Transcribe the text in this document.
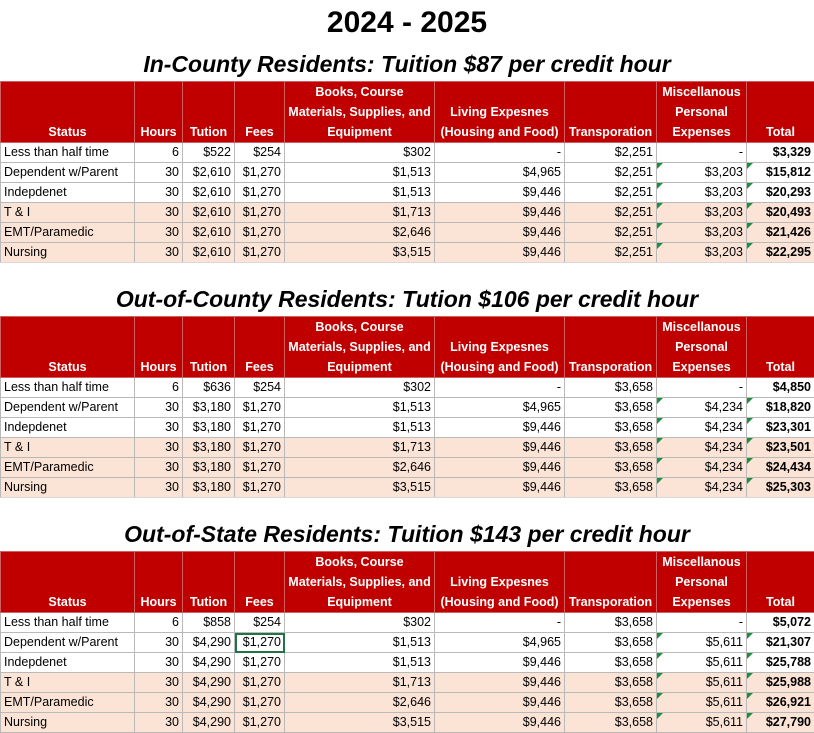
2024 - 2025
In-County Residents: Tuition $87 per credit hour
Status	Hours	Tution	Fees	Books, Course Materials, Supplies, and Equipment	Living Expesnes (Housing and Food)	Transporation	Miscellanous Personal Expenses	Total
Less than half time	6	$522	$254	$302	-	$2,251	-	$3,329
Dependent w/Parent	30	$2,610	$1,270	$1,513	$4,965	$2,251	$3,203	$15,812
Indepdenet	30	$2,610	$1,270	$1,513	$9,446	$2,251	$3,203	$20,293
T & I	30	$2,610	$1,270	$1,713	$9,446	$2,251	$3,203	$20,493
EMT/Paramedic	30	$2,610	$1,270	$2,646	$9,446	$2,251	$3,203	$21,426
Nursing	30	$2,610	$1,270	$3,515	$9,446	$2,251	$3,203	$22,295
Out-of-County Residents: Tution $106 per credit hour
Status	Hours	Tution	Fees	Books, Course Materials, Supplies, and Equipment	Living Expesnes (Housing and Food)	Transporation	Miscellanous Personal Expenses	Total
Less than half time	6	$636	$254	$302	-	$3,658	-	$4,850
Dependent w/Parent	30	$3,180	$1,270	$1,513	$4,965	$3,658	$4,234	$18,820
Indepdenet	30	$3,180	$1,270	$1,513	$9,446	$3,658	$4,234	$23,301
T & I	30	$3,180	$1,270	$1,713	$9,446	$3,658	$4,234	$23,501
EMT/Paramedic	30	$3,180	$1,270	$2,646	$9,446	$3,658	$4,234	$24,434
Nursing	30	$3,180	$1,270	$3,515	$9,446	$3,658	$4,234	$25,303
Out-of-State Residents: Tuition $143 per credit hour
Status	Hours	Tution	Fees	Books, Course Materials, Supplies, and Equipment	Living Expesnes (Housing and Food)	Transporation	Miscellanous Personal Expenses	Total
Less than half time	6	$858	$254	$302	-	$3,658	-	$5,072
Dependent w/Parent	30	$4,290	$1,270	$1,513	$4,965	$3,658	$5,611	$21,307
Indepdenet	30	$4,290	$1,270	$1,513	$9,446	$3,658	$5,611	$25,788
T & I	30	$4,290	$1,270	$1,713	$9,446	$3,658	$5,611	$25,988
EMT/Paramedic	30	$4,290	$1,270	$2,646	$9,446	$3,658	$5,611	$26,921
Nursing	30	$4,290	$1,270	$3,515	$9,446	$3,658	$5,611	$27,790
